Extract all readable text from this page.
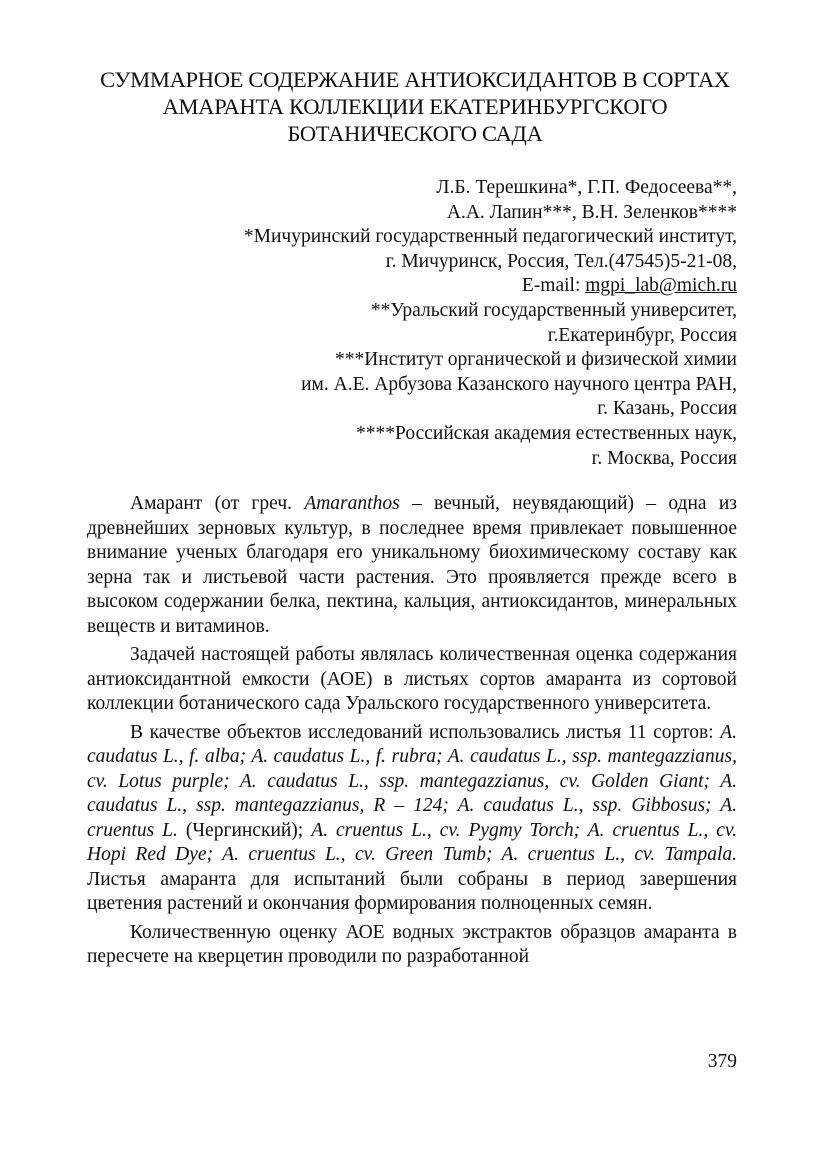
СУММАРНОЕ СОДЕРЖАНИЕ АНТИОКСИДАНТОВ В СОРТАХ
АМАРАНТА КОЛЛЕКЦИИ ЕКАТЕРИНБУРГСКОГО
БОТАНИЧЕСКОГО САДА
Л.Б. Терешкина*, Г.П. Федосеева**,
А.А. Лапин***, В.Н. Зеленков****
*Мичуринский государственный педагогический институт,
г. Мичуринск, Россия, Тел.(47545)5-21-08,
E-mail: mgpi_lab@mich.ru
**Уральский государственный университет,
г.Екатеринбург, Россия
***Институт органической и физической химии
им. А.Е. Арбузова Казанского научного центра РАН,
г. Казань, Россия
****Российская академия естественных наук,
г. Москва, Россия

Амарант (от греч. Amaranthos – вечный, неувядающий) – одна из древнейших зерновых культур, в последнее время привлекает повышенное внимание ученых благодаря его уникальному биохимическому составу как зерна так и листьевой части растения. Это проявляется прежде всего в высоком содержании белка, пектина, кальция, антиоксидантов, минеральных веществ и витаминов.

Задачей настоящей работы являлась количественная оценка содержания антиоксидантной емкости (АОЕ) в листьях сортов амаранта из сортовой коллекции ботанического сада Уральского государственного университета.

В качестве объектов исследований использовались листья 11 сортов: A. caudatus L., f. alba; A. caudatus L., f. rubra; A. caudatus L., ssp. mantegazzianus, cv. Lotus purple; A. caudatus L., ssp. mantegazzianus, cv. Golden Giant; A. caudatus L., ssp. mantegazzianus, R – 124; A. caudatus L., ssp. Gibbosus; A. cruentus L. (Чергинский); A. cruentus L., cv. Pygmy Torch; A. cruentus L., cv. Hopi Red Dye; A. cruentus L., cv. Green Tumb; A. cruentus L., cv. Tampala. Листья амаранта для испытаний были собраны в период завершения цветения растений и окончания формирования полноценных семян.

Количественную оценку АОЕ водных экстрактов образцов амаранта в пересчете на кверцетин проводили по разработанной

379
